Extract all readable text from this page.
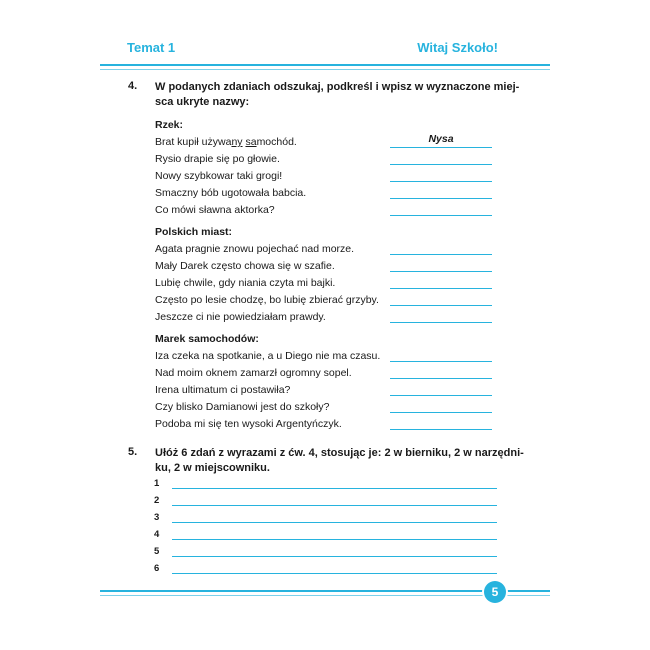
Temat 1	Witaj Szkoło!
4. W podanych zdaniach odszukaj, podkreśl i wpisz w wyznaczone miej-
sca ukryte nazwy:
Rzek:
Brat kupił używany samochód.	Nysa
Rysio drapie się po głowie.
Nowy szybkowar taki grogi!
Smaczny bób ugotowała babcia.
Co mówi sławna aktorka?
Polskich miast:
Agata pragnie znowu pojechać nad morze.
Mały Darek często chowa się w szafie.
Lubię chwile, gdy niania czyta mi bajki.
Często po lesie chodzę, bo lubię zbierać grzyby.
Jeszcze ci nie powiedziałam prawdy.
Marek samochodów:
Iza czeka na spotkanie, a u Diego nie ma czasu.
Nad moim oknem zamarzł ogromny sopel.
Irena ultimatum ci postawiła?
Czy blisko Damianowi jest do szkoły?
Podoba mi się ten wysoki Argentyńczyk.
5. Ułóż 6 zdań z wyrazami z ćw. 4, stosując je: 2 w bierniku, 2 w narzędni-
ku, 2 w miejscowniku.
1
2
3
4
5
6
5
